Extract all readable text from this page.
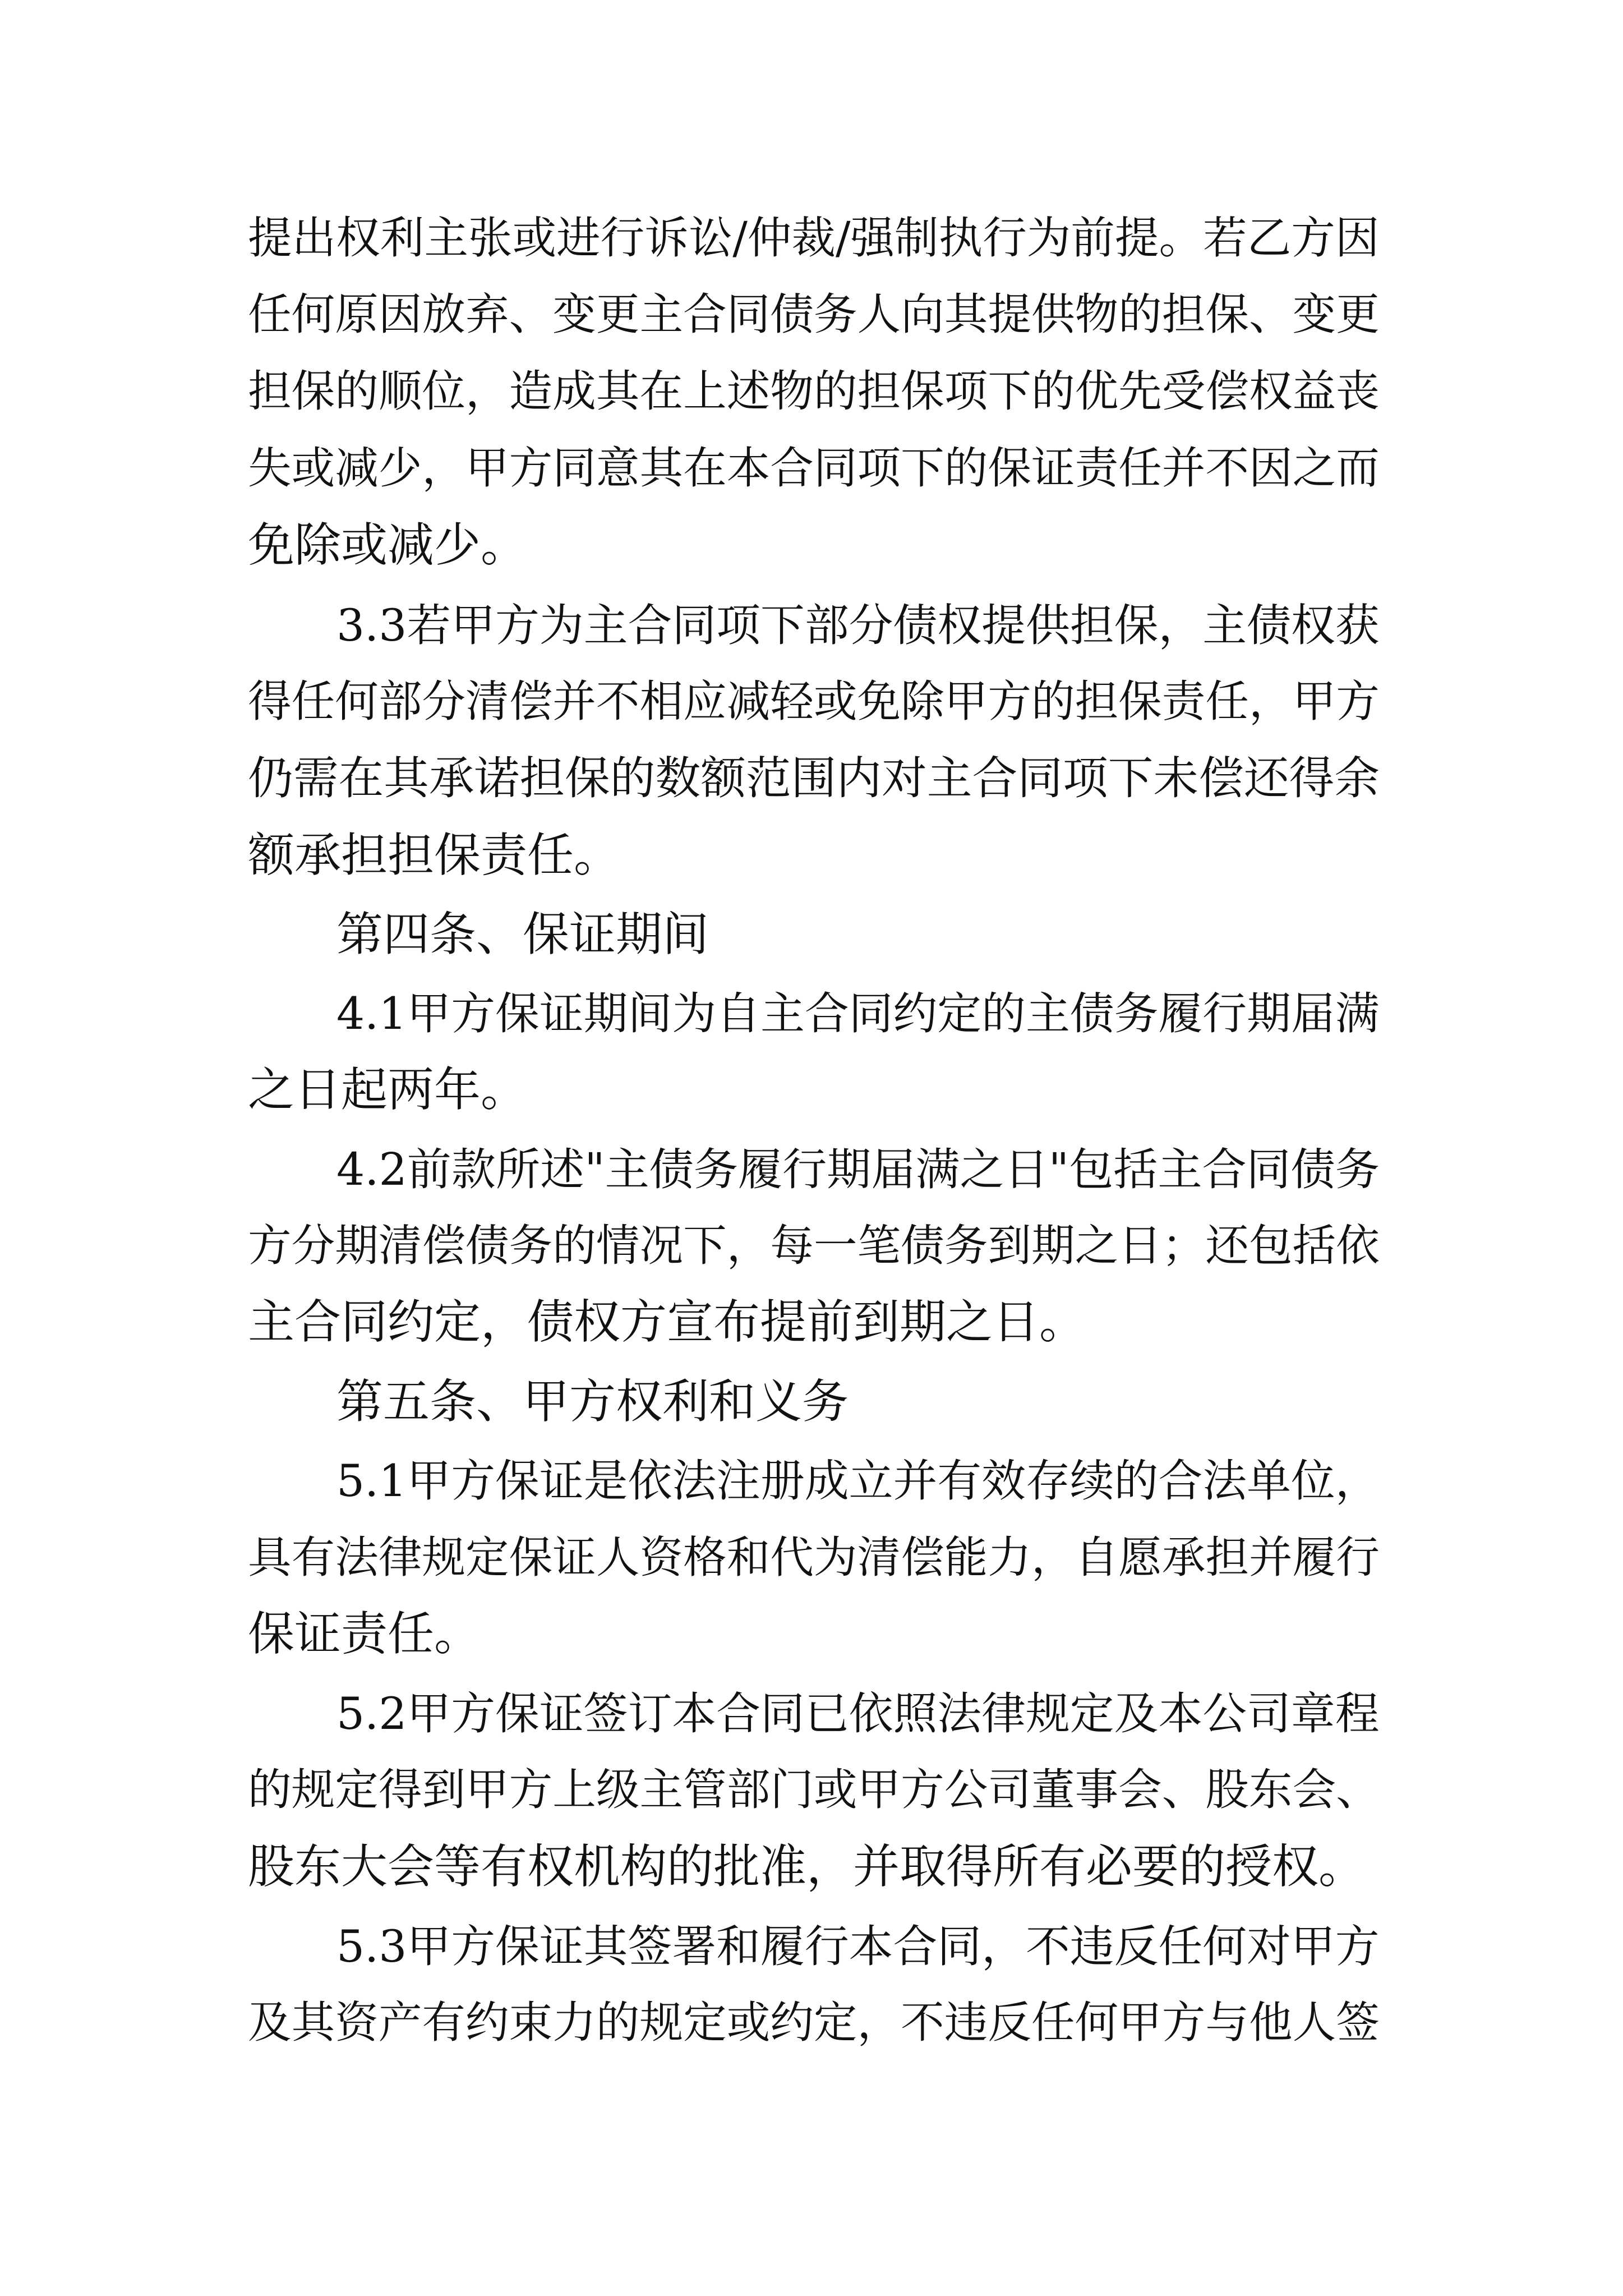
提出权利主张或进行诉讼/仲裁/强制执行为前提。若乙方因

任何原因放弃、变更主合同债务人向其提供物的担保、变更

担保的顺位，造成其在上述物的担保项下的优先受偿权益丧

失或减少，甲方同意其在本合同项下的保证责任并不因之而

免除或减少。

3.3若甲方为主合同项下部分债权提供担保，主债权获

得任何部分清偿并不相应减轻或免除甲方的担保责任，甲方

仍需在其承诺担保的数额范围内对主合同项下未偿还得余

额承担担保责任。

第四条、保证期间

4.1甲方保证期间为自主合同约定的主债务履行期届满

之日起两年。

4.2前款所述"主债务履行期届满之日"包括主合同债务

方分期清偿债务的情况下，每一笔债务到期之日；还包括依

主合同约定，债权方宣布提前到期之日。

第五条、甲方权利和义务

5.1甲方保证是依法注册成立并有效存续的合法单位，

具有法律规定保证人资格和代为清偿能力，自愿承担并履行

保证责任。

5.2甲方保证签订本合同已依照法律规定及本公司章程

的规定得到甲方上级主管部门或甲方公司董事会、股东会、

股东大会等有权机构的批准，并取得所有必要的授权。

5.3甲方保证其签署和履行本合同，不违反任何对甲方

及其资产有约束力的规定或约定，不违反任何甲方与他人签
